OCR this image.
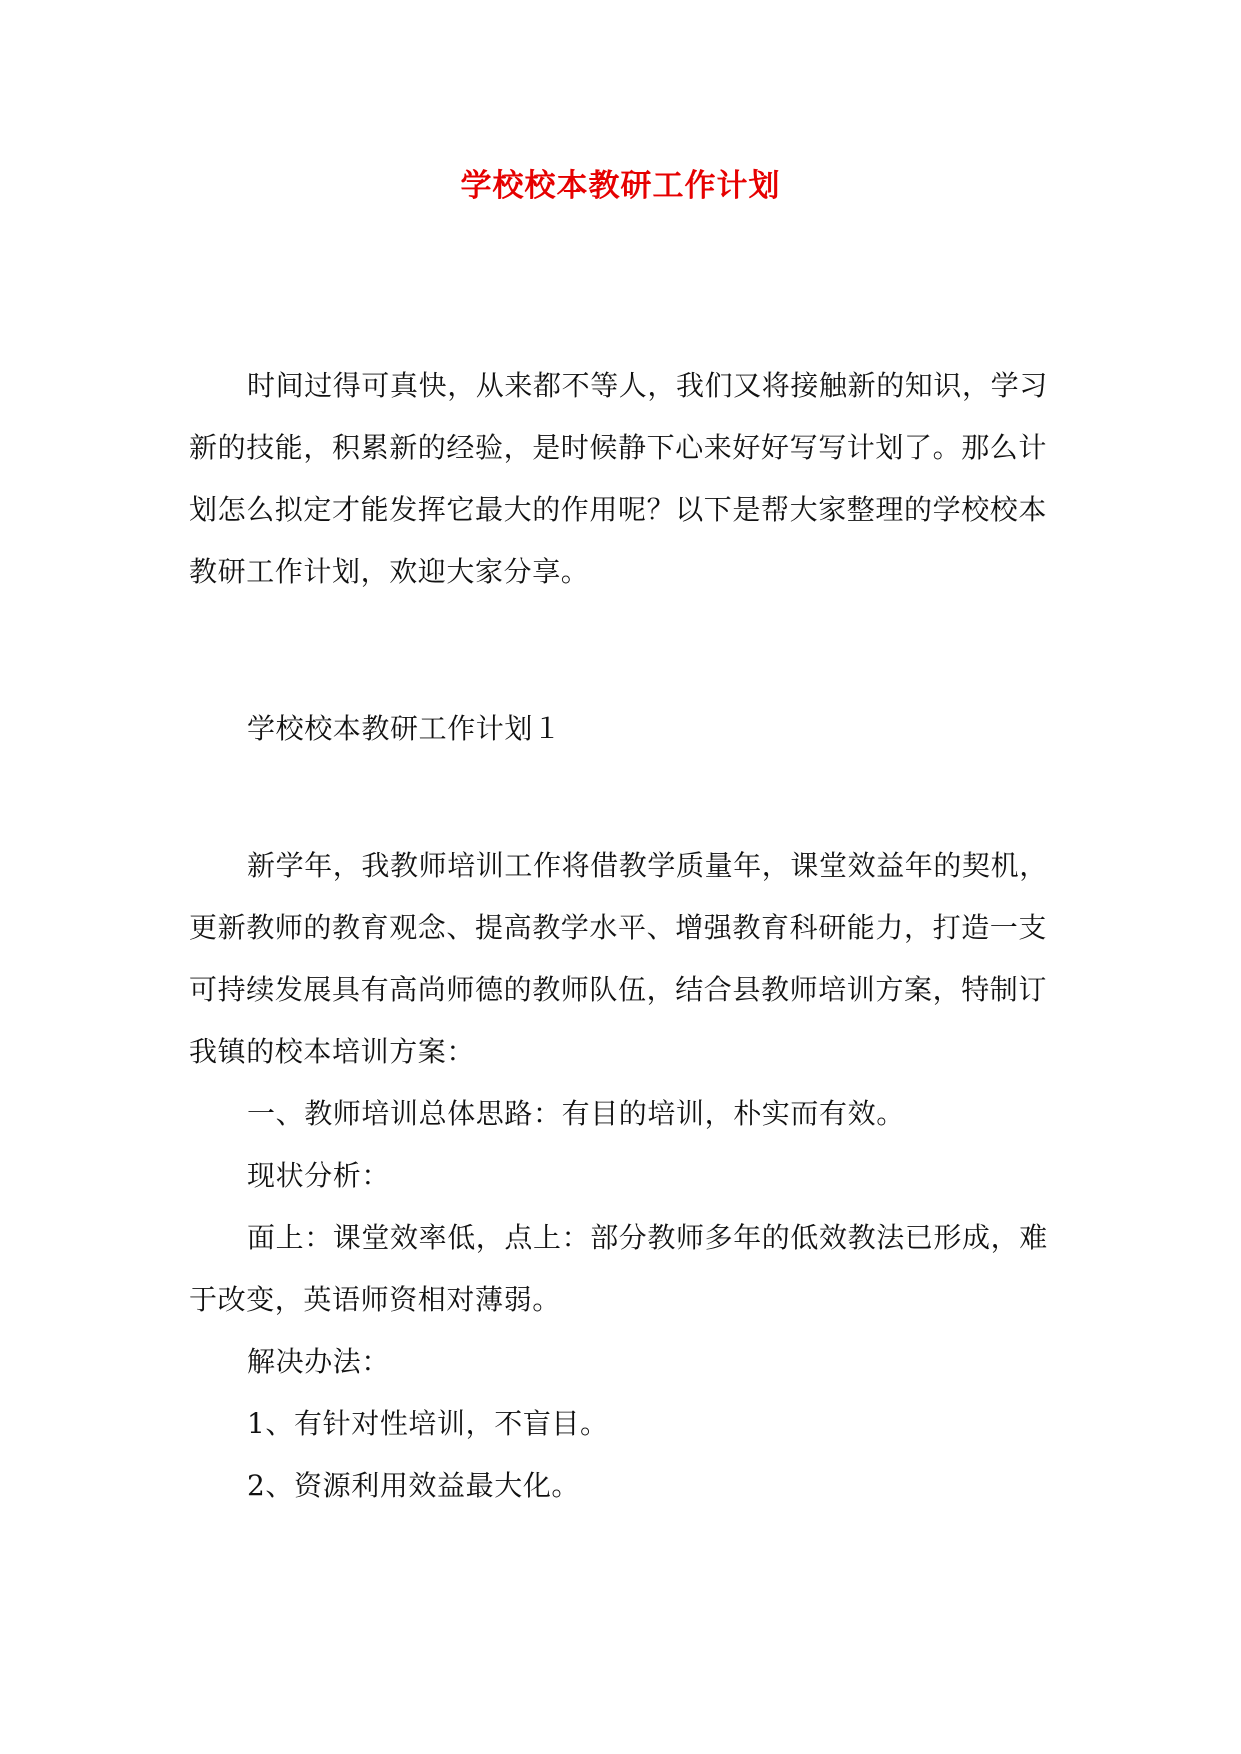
学校校本教研工作计划

时间过得可真快，从来都不等人，我们又将接触新的知识，学习新的技能，积累新的经验，是时候静下心来好好写写计划了。那么计划怎么拟定才能发挥它最大的作用呢？以下是帮大家整理的学校校本教研工作计划，欢迎大家分享。

学校校本教研工作计划１

新学年，我教师培训工作将借教学质量年，课堂效益年的契机，更新教师的教育观念、提高教学水平、增强教育科研能力，打造一支可持续发展具有高尚师德的教师队伍，结合县教师培训方案，特制订我镇的校本培训方案：

一、教师培训总体思路：有目的培训，朴实而有效。

现状分析：

面上：课堂效率低，点上：部分教师多年的低效教法已形成，难于改变，英语师资相对薄弱。

解决办法：

1、有针对性培训，不盲目。

2、资源利用效益最大化。
